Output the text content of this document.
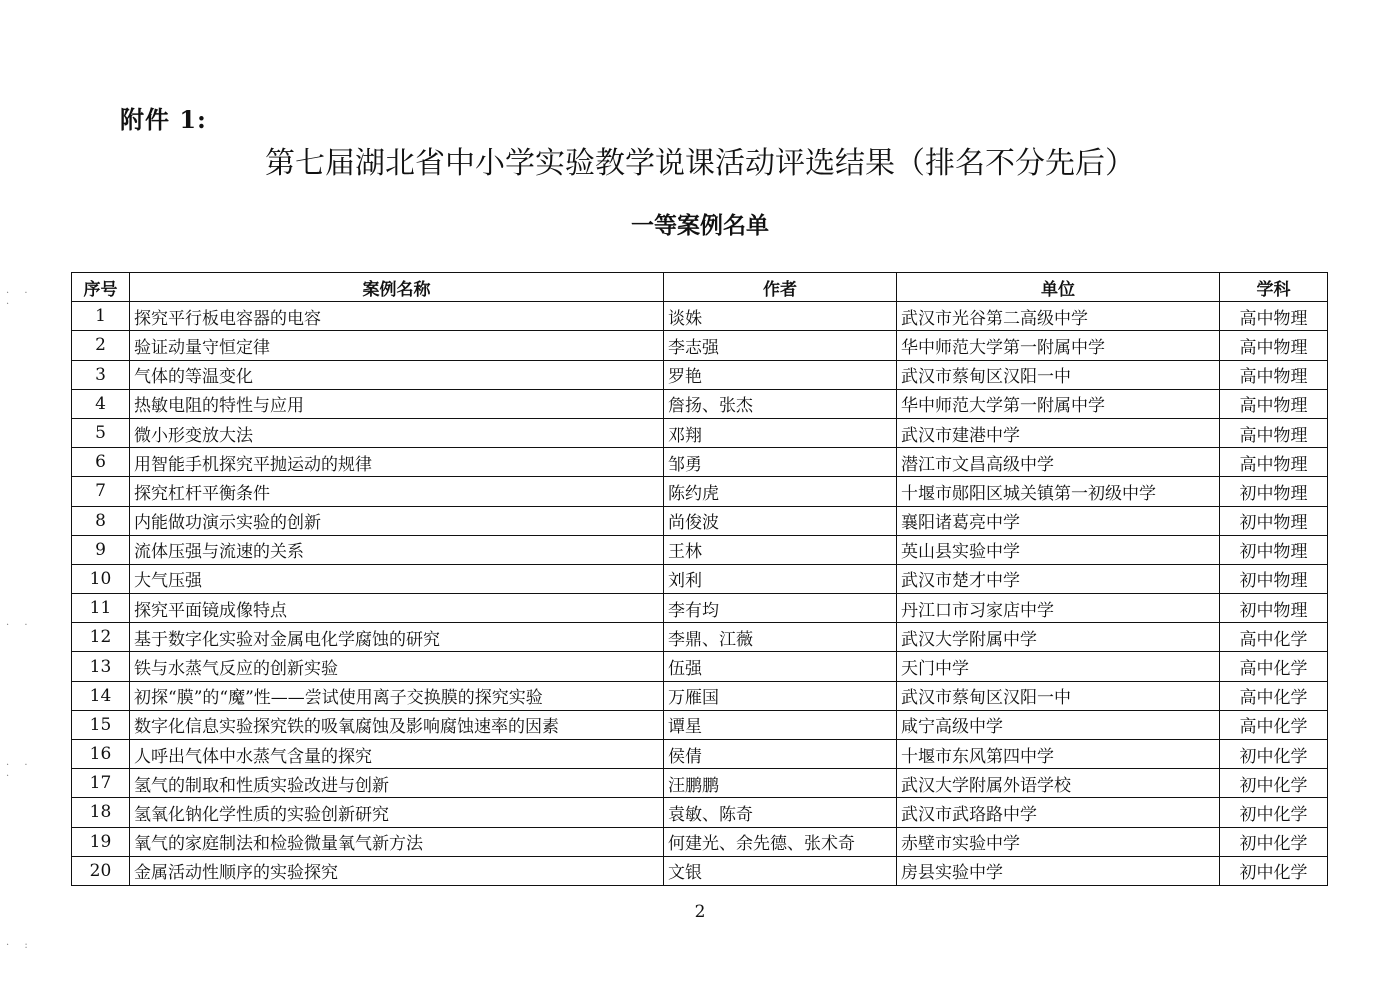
· · ·
· ·
· · ·
· :
附件 1:
第七届湖北省中小学实验教学说课活动评选结果（排名不分先后）
一等案例名单
序号	案例名称	作者	单位	学科
1	探究平行板电容器的电容	谈姝	武汉市光谷第二高级中学	高中物理
2	验证动量守恒定律	李志强	华中师范大学第一附属中学	高中物理
3	气体的等温变化	罗艳	武汉市蔡甸区汉阳一中	高中物理
4	热敏电阻的特性与应用	詹扬、张杰	华中师范大学第一附属中学	高中物理
5	微小形变放大法	邓翔	武汉市建港中学	高中物理
6	用智能手机探究平抛运动的规律	邹勇	潜江市文昌高级中学	高中物理
7	探究杠杆平衡条件	陈约虎	十堰市郧阳区城关镇第一初级中学	初中物理
8	内能做功演示实验的创新	尚俊波	襄阳诸葛亮中学	初中物理
9	流体压强与流速的关系	王林	英山县实验中学	初中物理
10	大气压强	刘利	武汉市楚才中学	初中物理
11	探究平面镜成像特点	李有均	丹江口市习家店中学	初中物理
12	基于数字化实验对金属电化学腐蚀的研究	李鼎、江薇	武汉大学附属中学	高中化学
13	铁与水蒸气反应的创新实验	伍强	天门中学	高中化学
14	初探“膜”的“魔”性——尝试使用离子交换膜的探究实验	万雁国	武汉市蔡甸区汉阳一中	高中化学
15	数字化信息实验探究铁的吸氧腐蚀及影响腐蚀速率的因素	谭星	咸宁高级中学	高中化学
16	人呼出气体中水蒸气含量的探究	侯倩	十堰市东风第四中学	初中化学
17	氢气的制取和性质实验改进与创新	汪鹏鹏	武汉大学附属外语学校	初中化学
18	氢氧化钠化学性质的实验创新研究	袁敏、陈奇	武汉市武珞路中学	初中化学
19	氧气的家庭制法和检验微量氧气新方法	何建光、余先德、张术奇	赤壁市实验中学	初中化学
20	金属活动性顺序的实验探究	文银	房县实验中学	初中化学
2
